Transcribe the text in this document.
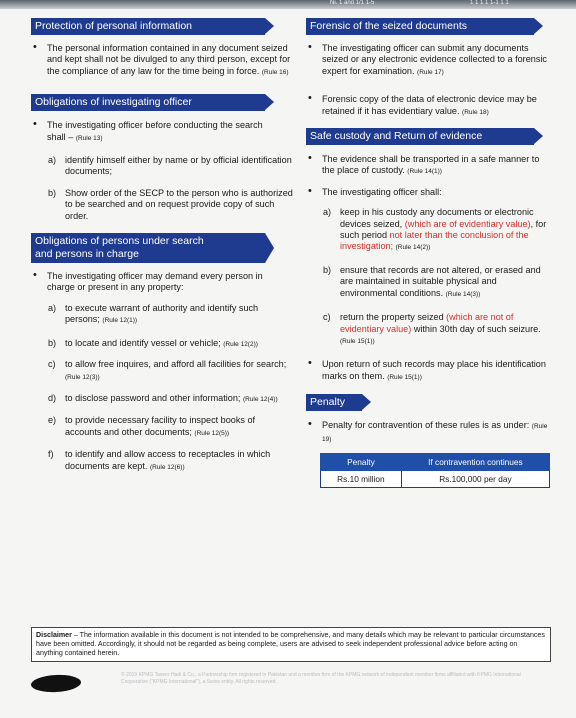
Ni. 1 and 1/1 1-5	1 1 1 1 1-1 1 1
Protection of personal information
• The personal information contained in any document seized and kept shall not be divulged to any third person, except for the compliance of any law for the time being in force. (Rule 16)
Obligations of investigating officer
• The investigating officer before conducting the search shall – (Rule 13)
a) identify himself either by name or by official identification documents;
b) Show order of the SECP to the person who is authorized to be searched and on request provide copy of such order.
Obligations of persons under search
and persons in charge
• The investigating officer may demand every person in charge or present in any property:
a) to execute warrant of authority and identify such persons; (Rule 12(1))
b) to locate and identify vessel or vehicle; (Rule 12(2))
c) to allow free inquires, and afford all facilities for search; (Rule 12(3))
d) to disclose password and other information; (Rule 12(4))
e) to provide necessary facility to inspect books of accounts and other documents; (Rule 12(5))
f) to identify and allow access to receptacles in which documents are kept. (Rule 12(6))
Forensic of the seized documents
• The investigating officer can submit any documents seized or any electronic evidence collected to a forensic expert for examination. (Rule 17)
• Forensic copy of the data of electronic device may be retained if it has evidentiary value. (Rule 18)
Safe custody and Return of evidence
• The evidence shall be transported in a safe manner to the place of custody. (Rule 14(1))
• The investigating officer shall:
a) keep in his custody any documents or electronic devices seized, (which are of evidentiary value), for such period not later than the conclusion of the investigation; (Rule 14(2))
b) ensure that records are not altered, or erased and are maintained in suitable physical and environmental conditions. (Rule 14(3))
c) return the property seized (which are not of evidentiary value) within 30th day of such seizure. (Rule 15(1))
• Upon return of such records may place his identification marks on them. (Rule 15(1))
Penalty
• Penalty for contravention of these rules is as under: (Rule 19)
Penalty	If contravention continues
Rs.10 million	Rs.100,000 per day
Disclaimer – The information available in this document is not intended to be comprehensive, and many details which may be relevant to particular circumstances have been omitted. Accordingly, it should not be regarded as being complete, users are advised to seek independent professional advice before acting on anything contained herein.
© 2019 KPMG Taseer Hadi & Co., a Partnership firm registered in Pakistan and a member firm of the KPMG network of independent member firms affiliated with KPMG International Cooperative ("KPMG International"), a Swiss entity. All rights reserved.
